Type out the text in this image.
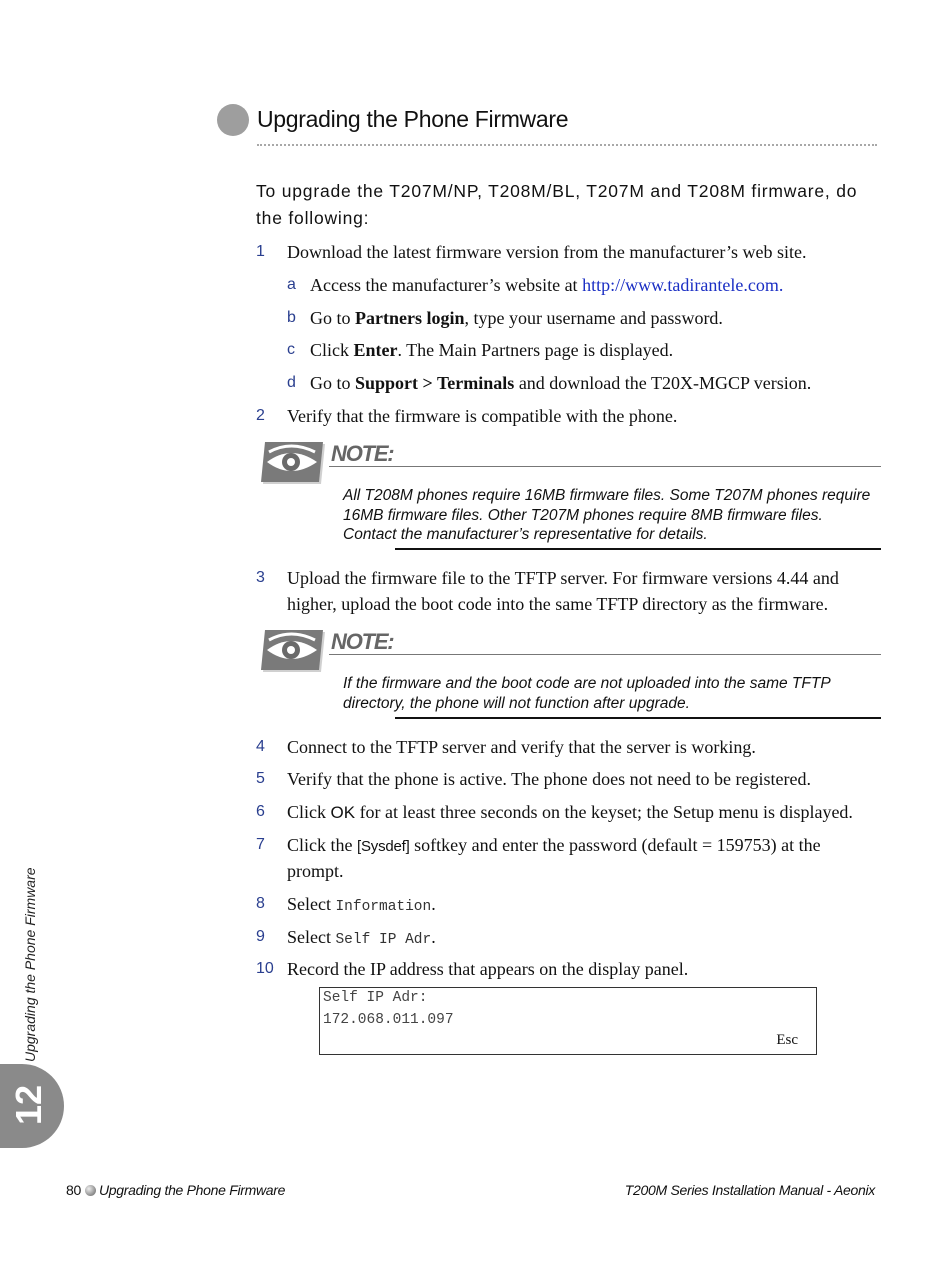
Upgrading the Phone Firmware
To upgrade the T207M/NP, T208M/BL, T207M and T208M firmware, do the following:
1 Download the latest firmware version from the manufacturer’s web site.
a Access the manufacturer’s website at http://www.tadirantele.com.
b Go to Partners login, type your username and password.
c Click Enter. The Main Partners page is displayed.
d Go to Support > Terminals and download the T20X-MGCP version.
2 Verify that the firmware is compatible with the phone.
NOTE:
All T208M phones require 16MB firmware files. Some T207M phones require
16MB firmware files. Other T207M phones require 8MB firmware files.
Contact the manufacturer’s representative for details.
3 Upload the firmware file to the TFTP server. For firmware versions 4.44 and higher, upload the boot code into the same TFTP directory as the firmware.
NOTE:
If the firmware and the boot code are not uploaded into the same TFTP
directory, the phone will not function after upgrade.
4 Connect to the TFTP server and verify that the server is working.
5 Verify that the phone is active. The phone does not need to be registered.
6 Click OK for at least three seconds on the keyset; the Setup menu is displayed.
7 Click the [Sysdef] softkey and enter the password (default = 159753) at the
prompt.
8 Select Information.
9 Select Self IP Adr.
10 Record the IP address that appears on the display panel.
Self IP Adr:
172.068.011.097
Esc
Upgrading the Phone Firmware
12
80 Upgrading the Phone Firmware	T200M Series Installation Manual - Aeonix
